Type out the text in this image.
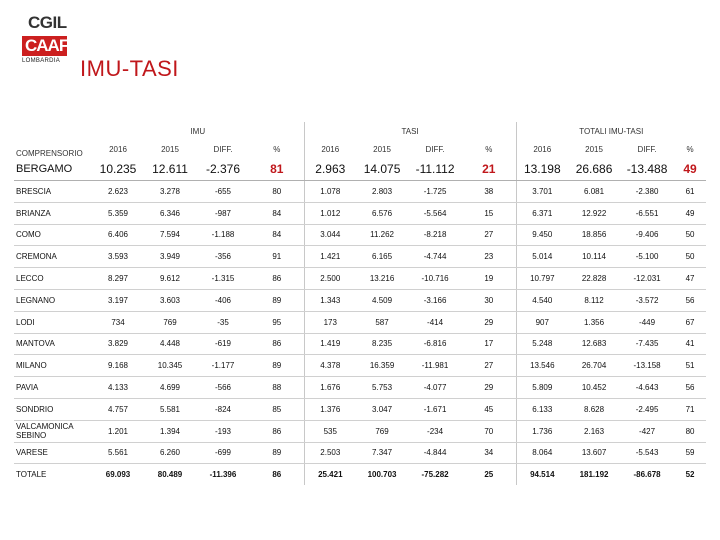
CGIL
CAAF
LOMBARDIA IMU-TASI
COMPRENSORIO	IMU				TASI				TOTALI IMU-TASI			
	2016	2015	DIFF.	%	2016	2015	DIFF.	%	2016	2015	DIFF.	%
BERGAMO	10.235	12.611	-2.376	81	2.963	14.075	-11.112	21	13.198	26.686	-13.488	49
BRESCIA	2.623	3.278	-655	80	1.078	2.803	-1.725	38	3.701	6.081	-2.380	61
BRIANZA	5.359	6.346	-987	84	1.012	6.576	-5.564	15	6.371	12.922	-6.551	49
COMO	6.406	7.594	-1.188	84	3.044	11.262	-8.218	27	9.450	18.856	-9.406	50
CREMONA	3.593	3.949	-356	91	1.421	6.165	-4.744	23	5.014	10.114	-5.100	50
LECCO	8.297	9.612	-1.315	86	2.500	13.216	-10.716	19	10.797	22.828	-12.031	47
LEGNANO	3.197	3.603	-406	89	1.343	4.509	-3.166	30	4.540	8.112	-3.572	56
LODI	734	769	-35	95	173	587	-414	29	907	1.356	-449	67
MANTOVA	3.829	4.448	-619	86	1.419	8.235	-6.816	17	5.248	12.683	-7.435	41
MILANO	9.168	10.345	-1.177	89	4.378	16.359	-11.981	27	13.546	26.704	-13.158	51
PAVIA	4.133	4.699	-566	88	1.676	5.753	-4.077	29	5.809	10.452	-4.643	56
SONDRIO	4.757	5.581	-824	85	1.376	3.047	-1.671	45	6.133	8.628	-2.495	71
VALCAMONICA SEBINO	1.201	1.394	-193	86	535	769	-234	70	1.736	2.163	-427	80
VARESE	5.561	6.260	-699	89	2.503	7.347	-4.844	34	8.064	13.607	-5.543	59
TOTALE	69.093	80.489	-11.396	86	25.421	100.703	-75.282	25	94.514	181.192	-86.678	52
